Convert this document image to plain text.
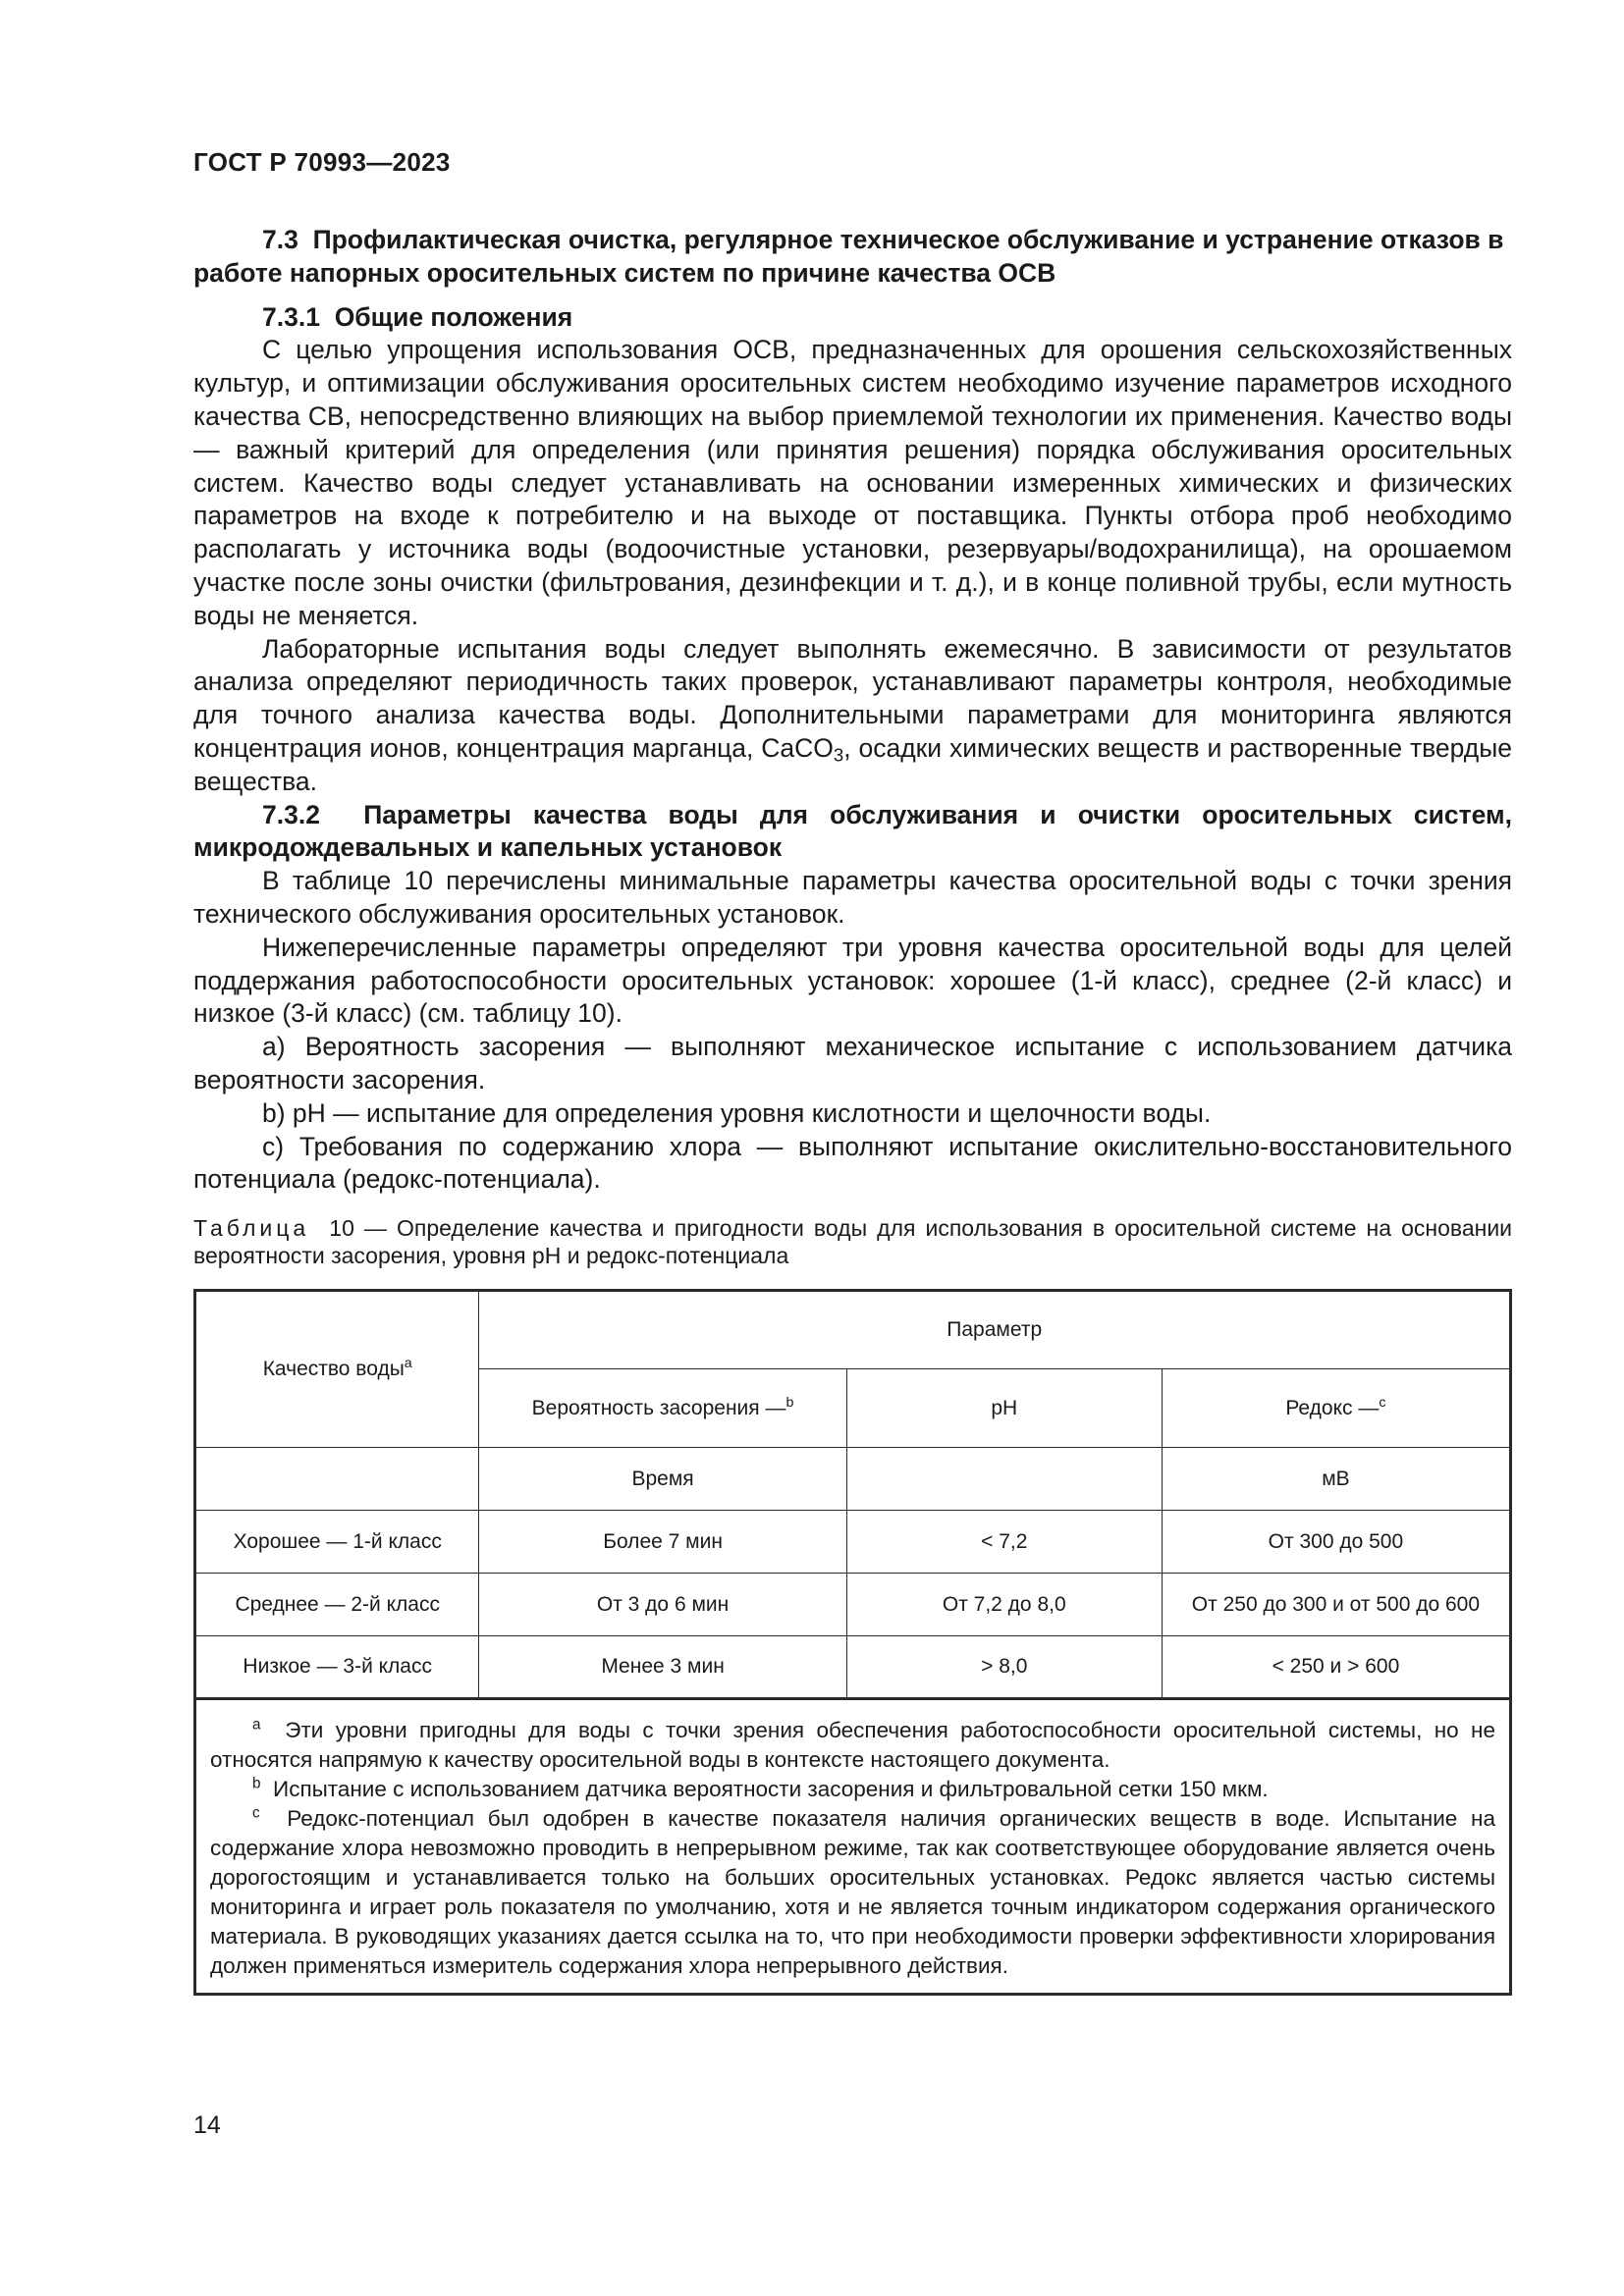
ГОСТ Р 70993—2023

7.3 Профилактическая очистка, регулярное техническое обслуживание и устранение отказов в работе напорных оросительных систем по причине качества ОСВ

7.3.1 Общие положения

С целью упрощения использования ОСВ, предназначенных для орошения сельскохозяйственных культур, и оптимизации обслуживания оросительных систем необходимо изучение параметров исходного качества СВ, непосредственно влияющих на выбор приемлемой технологии их применения. Качество воды — важный критерий для определения (или принятия решения) порядка обслуживания оросительных систем. Качество воды следует устанавливать на основании измеренных химических и физических параметров на входе к потребителю и на выходе от поставщика. Пункты отбора проб необходимо располагать у источника воды (водоочистные установки, резервуары/водохранилища), на орошаемом участке после зоны очистки (фильтрования, дезинфекции и т. д.), и в конце поливной трубы, если мутность воды не меняется.

Лабораторные испытания воды следует выполнять ежемесячно. В зависимости от результатов анализа определяют периодичность таких проверок, устанавливают параметры контроля, необходимые для точного анализа качества воды. Дополнительными параметрами для мониторинга являются концентрация ионов, концентрация марганца, CaCO$_3$, осадки химических веществ и растворенные твердые вещества.

7.3.2 Параметры качества воды для обслуживания и очистки оросительных систем, микродождевальных и капельных установок

В таблице 10 перечислены минимальные параметры качества оросительной воды с точки зрения технического обслуживания оросительных установок.

Нижеперечисленные параметры определяют три уровня качества оросительной воды для целей поддержания работоспособности оросительных установок: хорошее (1-й класс), среднее (2-й класс) и низкое (3-й класс) (см. таблицу 10).

a) Вероятность засорения — выполняют механическое испытание с использованием датчика вероятности засорения.

b) pH — испытание для определения уровня кислотности и щелочности воды.

c) Требования по содержанию хлора — выполняют испытание окислительно-восстановительного потенциала (редокс-потенциала).

Таблица 10 — Определение качества и пригодности воды для использования в оросительной системе на основании вероятности засорения, уровня pH и редокс-потенциала
Качество воды$^a$	Параметр		
	Вероятность засорения —$^b$	pH	Редокс —$^c$
	Время		мВ
Хорошее — 1-й класс	Более 7 мин	< 7,2	От 300 до 500
Среднее — 2-й класс	От 3 до 6 мин	От 7,2 до 8,0	От 250 до 300 и от 500 до 600
Низкое — 3-й класс	Менее 3 мин	> 8,0	< 250 и > 600

$^a$ Эти уровни пригодны для воды с точки зрения обеспечения работоспособности оросительной системы, но не относятся напрямую к качеству оросительной воды в контексте настоящего документа.

$^b$ Испытание с использованием датчика вероятности засорения и фильтровальной сетки 150 мкм.

$^c$ Редокс-потенциал был одобрен в качестве показателя наличия органических веществ в воде. Испытание на содержание хлора невозможно проводить в непрерывном режиме, так как соответствующее оборудование является очень дорогостоящим и устанавливается только на больших оросительных установках. Редокс является частью системы мониторинга и играет роль показателя по умолчанию, хотя и не является точным индикатором содержания органического материала. В руководящих указаниях дается ссылка на то, что при необходимости проверки эффективности хлорирования должен применяться измеритель содержания хлора непрерывного действия.			

14
